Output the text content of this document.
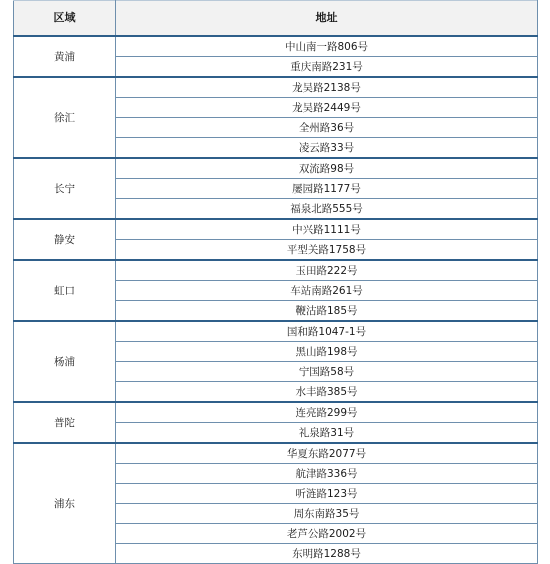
区域	地址
黄浦	中山南一路806号
	重庆南路231号
徐汇	龙吴路2138号
	龙吴路2449号
	全州路36号
	凌云路33号
长宁	双流路98号
	屡园路1177号
	福泉北路555号
静安	中兴路1111号
	平型关路1758号
虹口	玉田路222号
	车站南路261号
	鞭沽路185号
杨浦	国和路1047-1号
	黑山路198号
	宁国路58号
	水丰路385号
普陀	连亮路299号
	礼泉路31号
浦东	华夏东路2077号
	航津路336号
	听涟路123号
	周东南路35号
	老芦公路2002号
	东明路1288号
